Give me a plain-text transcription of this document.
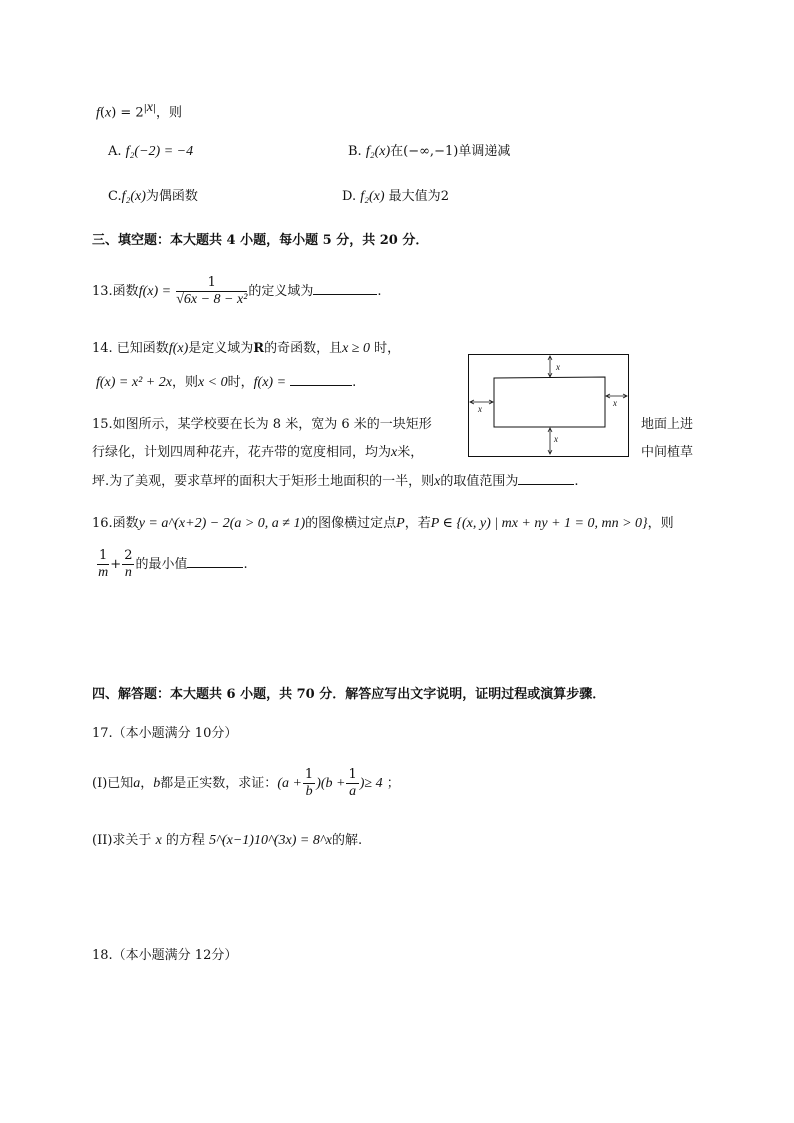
$f(x) = 2^{|x|}$，则
A. f₂(−2) = −4	B. f₂(x)在(−∞,−1)单调递减
C.f₂(x)为偶函数	D. f₂(x) 最大值为2
三、填空题：本大题共 4 小题，每小题 5 分，共 20 分．
13.函数$f(x) = \frac{1}{\text{√6x − 8 − x²}}$ 的定义域为	.
14. 已知函数f(x)是定义域为R的奇函数，且x ≥ 0 时，
f(x) = x² + 2x，则x < 0时，f(x) =	.
x
x
x
x
15.如图所示，某学校要在长为 8 米，宽为 6 米的一块矩形	地面上进
行绿化，计划四周种花卉，花卉带的宽度相同，均为x米，	中间植草
坪.为了美观，要求草坪的面积大于矩形土地面积的一半，则x的取值范围为	.
16.函数y = a^(x+2) − 2(a > 0, a ≠ 1)的图像横过定点P，若P ∈ {(x, y) | mx + ny + 1 = 0, mn > 0}，则
$\frac{1}{m} + \frac{2}{n}$ 的最小值	.
四、解答题：本大题共 6 小题，共 70 分．解答应写出文字说明，证明过程或演算步骤．
17.（本小题满分 10分）
(I)已知a，b都是正实数，求证：$(a + \frac{1}{b} )(b + \frac{1}{a}$ )≥ 4 ；
(II)求关于 x 的方程 5^(x−1)10^(3x) = 8^x的解.
18.（本小题满分 12分）
